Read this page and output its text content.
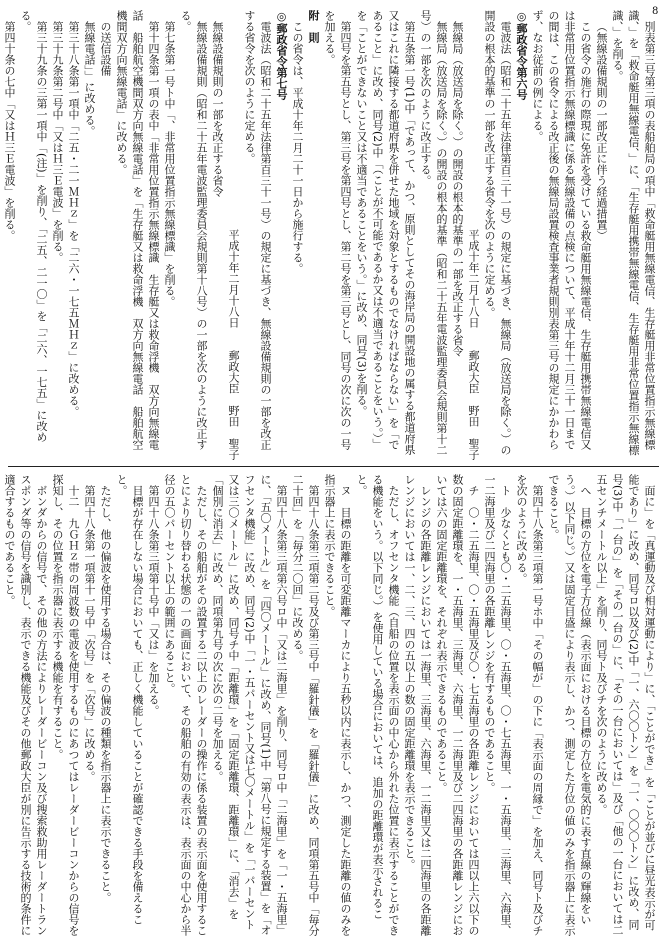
8

別表第三号第三項の表船舶局の項中「救命艇用無線電信、生存艇用非常位置指示無線標識、」を「救命艇用無線電信、」に、「生存艇用携帯無線電信、生存艇用非常位置指示無線標識、」を削る。

（無線設備規則の一部改正に伴う経過措置）

この省令の施行の際現に免許を受けている救命艇用無線電信、生存艇用携帯無線電信又は非常用位置指示無線標識に係る無線設備の点検について、平成十年十二月三十一日までの間は、この省令による改正後の無線局設置検査事業者規則別表第三号の規定にかかわらず、なお従前の例による。

◎郵政省令第六号

電波法（昭和二十五年法律第百三十一号）の規定に基づき、無線局（放送局を除く。）の開設の根本的基準の一部を改正する省令を次のように定める。

平成十年二月十八日　　郵政大臣　野田　聖子

無線局（放送局を除く。）の開設の根本的基準の一部を改正する省令

無線局（放送局を除く。）の開設の根本的基準（昭和二十五年電波監理委員会規則第十二号）の一部を次のように改正する。

第五条第一号(1)中「であって、かつ、原則としてその海岸局の開設地の属する都道府県又はこれに隣接する都道府県を併せた地域を対象とするものでなければならない」を「であること」に改め、同号(2)中「（ことが不可能であるか又は不適当であることをいう。）」を「ことができないこと又は不適当であることをいう。」に改め、同号(3)を削る。

第四号を第五号とし、第三号を第四号とし、第二号を第三号とし、同号の次に次の一号を加える。

附　則

この省令は、平成十年二月二十一日から施行する。

◎郵政省令第七号

電波法（昭和二十五年法律第百三十一号）の規定に基づき、無線設備規則の一部を改正する省令を次のように定める。

平成十年二月十八日　　郵政大臣　野田　聖子

無線設備規則の一部を改正する省令

無線設備規則（昭和二十五年電波監理委員会規則第十八号）の一部を次のように改正する。

第七条第一号ト中「、非常用位置指示無線標識」を削る。

第十四条第一項の表中「非常用位置指示無線標識　生存艇又は救命浮機　双方向無線電話　船舶航空機間双方向無線電話」を「生存艇又は救命浮機　双方向無線電話　船舶航空機間双方向無線電話」に改める。

の送信設備

無線電話」」に改める。

第三十八条第一項中「二五・二一ＭＨｚ」を「二六・一七五ＭＨｚ」に改める。

第三十九条第二号中「又はＨ三Ｅ電波」を削る。

第三十九条の三第一項中「(注)」を削り、「二五、二一〇」を「二六、一七五」に改める。

第四十条の七中「又はＨ三Ｅ電波」を削る。

面に」を「真運動及び相対運動により」に、「ことができ」を「ことが並びに昼光表示が可能であり」に改め、同号ロ以及び(2)中「一、六〇〇トン」を「一、〇〇〇トン」に改め、同号(3)中「一台の」を「その一台の」に、「その一台においては」及び「他の一台においては二五センチメートル以上」を削り、同号ト及びチを次のように改める。

へ　目標の方位を電子方位線（表示面における目標の方位を電気的に表す直線の輝線をいう。）以下同じ。）又は固定目盛により表示し、かつ、測定した方位の値のみを指示器上に表示できること。

第四十八条第三項第一号ホ中「その幅が」の下に「表示面の周縁で」を加え、同号ト及びチを次のように改める。

ト　少なくとも〇・二五海里、〇・五海里、〇・七五海里、一・五海里、三海里、六海里、一二海里及び二四海里の各距離レンジを有するものであること。

チ　〇・二五海里、〇・五海里及び〇・七五海里の各距離レンジにおいては四以上六以下の数の固定距離環を、一・五海里、三海里、六海里、一二海里及び二四海里の各距離レンジにおいては六の固定距離環を、それぞれ表示できるものであること。

レンジの各距離レンジにおいては一海里、三海里、六海里、一二海里又は二四海里の各距離レンジにおいては一、二、三、四の五以上の数の固定距離環を表示できること。

ただし、オフセンタ機能（自船の位置を表示面の中心から外れた位置に表示することができる機能をいう。以下同じ。）を使用している場合においては、追加の距離環が表示されること。

ヌ　目標の距離を可変距離マーカにより五秒以内に表示し、かつ、測定した距離の値のみを指示器上に表示できること。

第四十八条第三項第二号及び第三号中「羅針儀」を「羅針儀」に改め、同項第五号中「毎分二十回」を「毎分二〇回」に改める。

第四十八条第三項第六号ロ中「又は二海里」を削り、同号ロ中「二海里」を「一・五海里」に、「五〇メートル」を「四〇メートル」に改め、同号(1)中「第八号に規定する装置」を「オフセンタ機能」に改め、同号(2)中「一・五パーセント又は七〇メートル」を「一パーセント又は三〇メートル」に改め、同号チ中「距離環」を「固定距離環、距離環」に、「消去」を「個別に消去」に改め、同項第九号の次に次の二号を加える。

ただし、その船舶がその設置する二以上のレーダーの操作に係る装置の表示面を使用することにより切り替わる状態の一の画面において、その船舶の有効の表示は、表示面の中心から半径の五〇パーセント以上の範囲にあること。

第四十八条第三項第十号中「又は」を加える。

目標が存在しない場合においても、正しく機能していることが確認できる手段を備えること。

ただし、他の偏波を使用する場合は、その偏波の種類を指示器上に表示できること。

第四十八条第一項第十一号中「次号」を「次号」に改める。

十二　九ＧＨｚ帯の周波数の電波を使用するものにあつてはレーダービーコンからの信号を探知し、その位置を指示器に表示する機能を有すること。

ボンダからの信号で、その他の方法によりレーダービーコン及び搜索救助用レーダートランスポンダ等の信号を識別し、表示できる機能及びその他郵政大臣が別に告示する技術的条件に適合するものであること。
